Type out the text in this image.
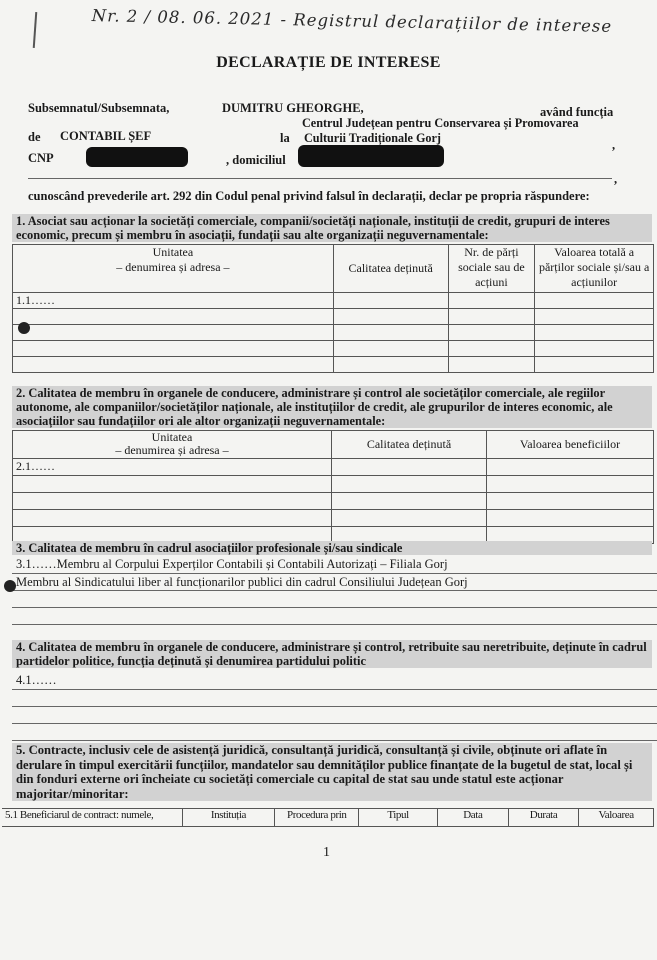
Nr. 2 / 08. 06. 2021 - Registrul declarațiilor de interese
DECLARAȚIE DE INTERESE
Subsemnatul/Subsemnata,	DUMITRU GHEORGHE,	având funcția
Centrul Județean pentru Conservarea și Promovarea
de CONTABIL ȘEF	la Culturii Tradiționale Gorj	,
CNP	, domiciliul
,
cunoscând prevederile art. 292 din Codul penal privind falsul în declarații, declar pe propria răspundere:
1. Asociat sau acționar la societăți comerciale, companii/societăți naționale, instituții de credit, grupuri de interes economic, precum și membru în asociații, fundații sau alte organizații neguvernamentale:
Unitatea
– denumirea și adresa –	Calitatea deținută	Nr. de părți sociale sau de acțiuni	Valoarea totală a părților sociale și/sau a acțiunilor
1.1……			

2. Calitatea de membru în organele de conducere, administrare și control ale societăților comerciale, ale regiilor autonome, ale companiilor/societăților naționale, ale instituțiilor de credit, ale grupurilor de interes economic, ale asociațiilor sau fundațiilor ori ale altor organizații neguvernamentale:
Unitatea
– denumirea și adresa –	Calitatea deținută	Valoarea beneficiilor
2.1……		

3. Calitatea de membru în cadrul asociațiilor profesionale și/sau sindicale
3.1……Membru al Corpului Experților Contabili și Contabili Autorizați – Filiala Gorj
Membru al Sindicatului liber al funcționarilor publici din cadrul Consiliului Județean Gorj
4. Calitatea de membru în organele de conducere, administrare și control, retribuite sau neretribuite, deținute în cadrul partidelor politice, funcția deținută și denumirea partidului politic
4.1……
5. Contracte, inclusiv cele de asistență juridică, consultanță juridică, consultanță și civile, obținute ori aflate în derulare în timpul exercitării funcțiilor, mandatelor sau demnităților publice finanțate de la bugetul de stat, local și din fonduri externe ori încheiate cu societăți comerciale cu capital de stat sau unde statul este acționar majoritar/minoritar:
5.1 Beneficiarul de contract: numele,	Instituția	Procedura prin	Tipul	Data	Durata	Valoarea
1
